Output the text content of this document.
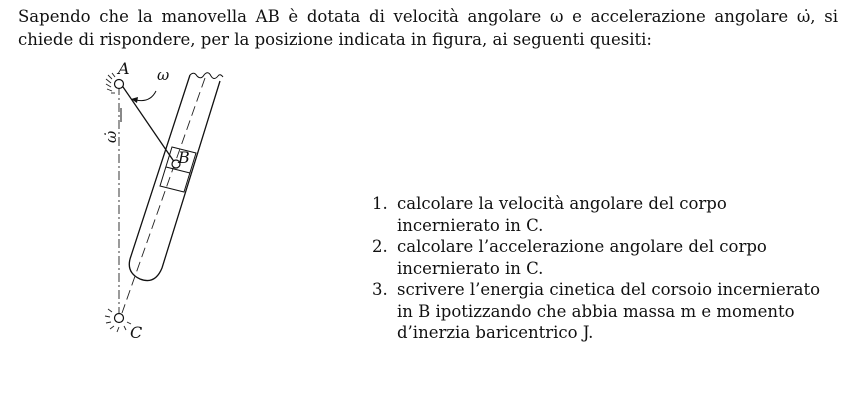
Sapendo che la manovella AB è dotata di velocità angolare ω e accelerazione angolare ω̇, si chiede di rispondere, per la posizione indicata in figura, ai seguenti quesiti:

A
B
C
ω
ω̇
1. calcolare la velocità angolare del corpo incernierato in C.
2. calcolare l’accelerazione angolare del corpo incernierato in C.
3. scrivere l’energia cinetica del corsoio incernierato in B ipotizzando che abbia massa m e momento d’inerzia baricentrico J.
